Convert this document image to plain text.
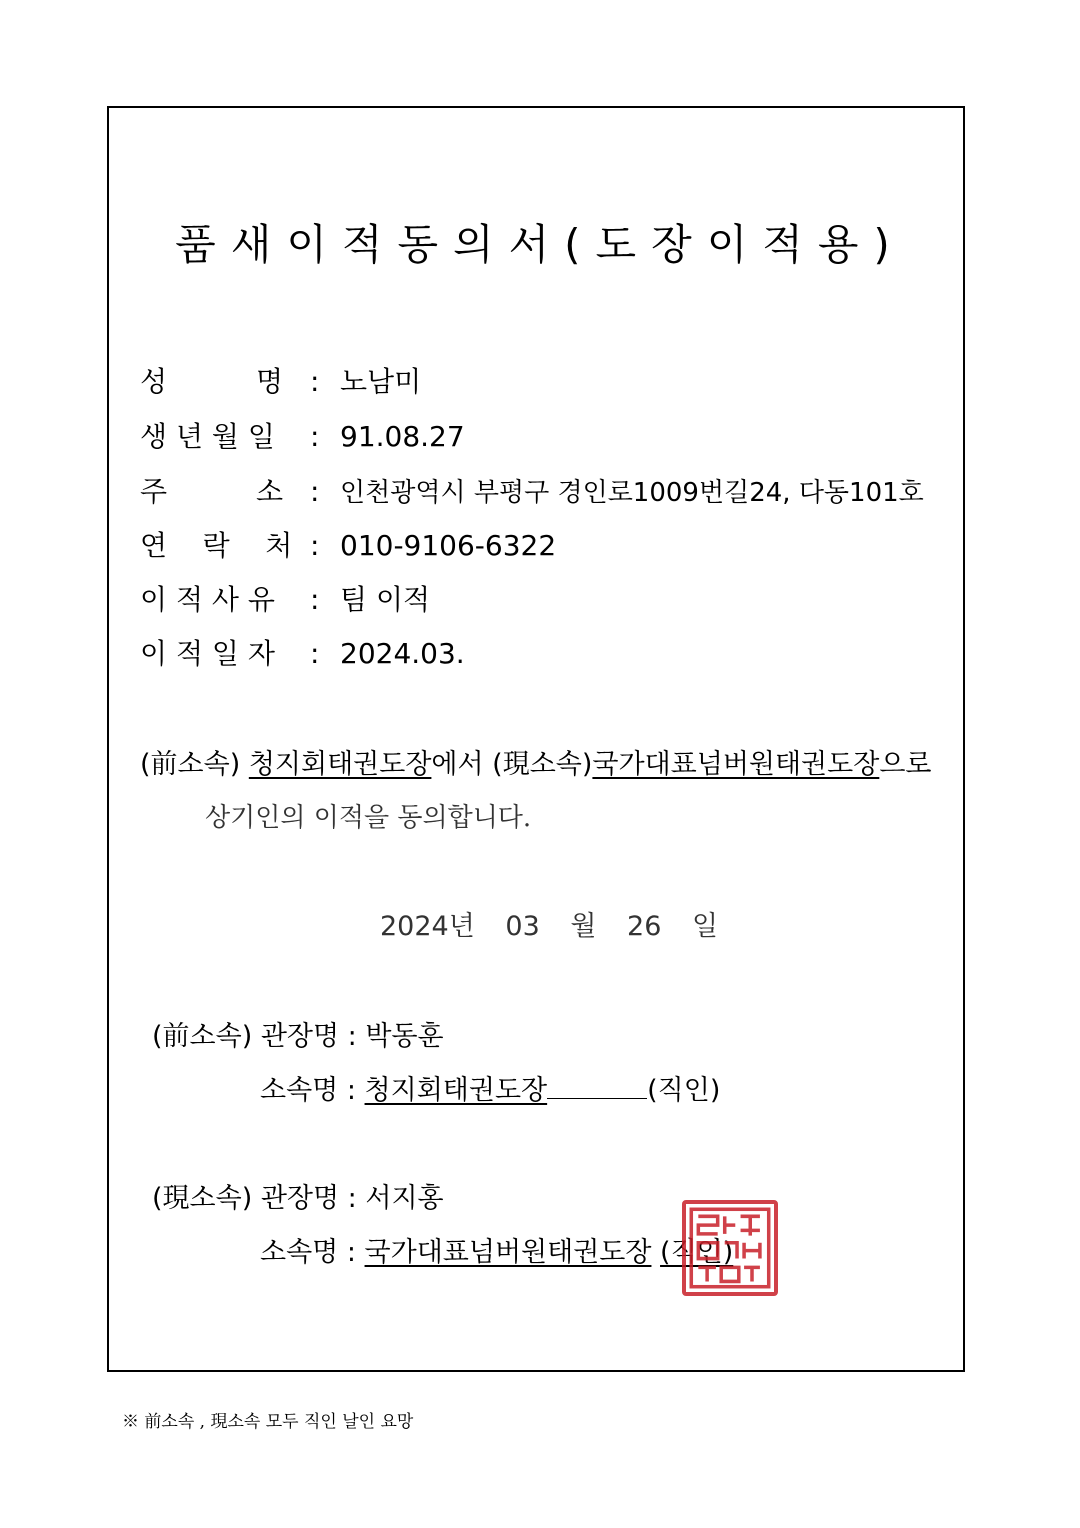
품새이적동의서(도장이적용)
성          명 : 노남미
생 년 월 일 : 91.08.27
주          소 : 인천광역시 부평구 경인로1009번길24, 다동101호
연    락    처 : 010-9106-6322
이 적 사 유 : 팀 이적
이 적 일 자 : 2024.03.
(前소속) 청지회태권도장에서 (現소속)국가대표넘버원태권도장으로
상기인의 이적을 동의합니다.
2024년 03 월 26 일
(前소속) 관장명 : 박동훈
소속명 : 청지회태권도장	(직인)
(現소속) 관장명 : 서지홍
소속명 : 국가대표넘버원태권도장 (직인)
※ 前소속 , 現소속 모두 직인 날인 요망
